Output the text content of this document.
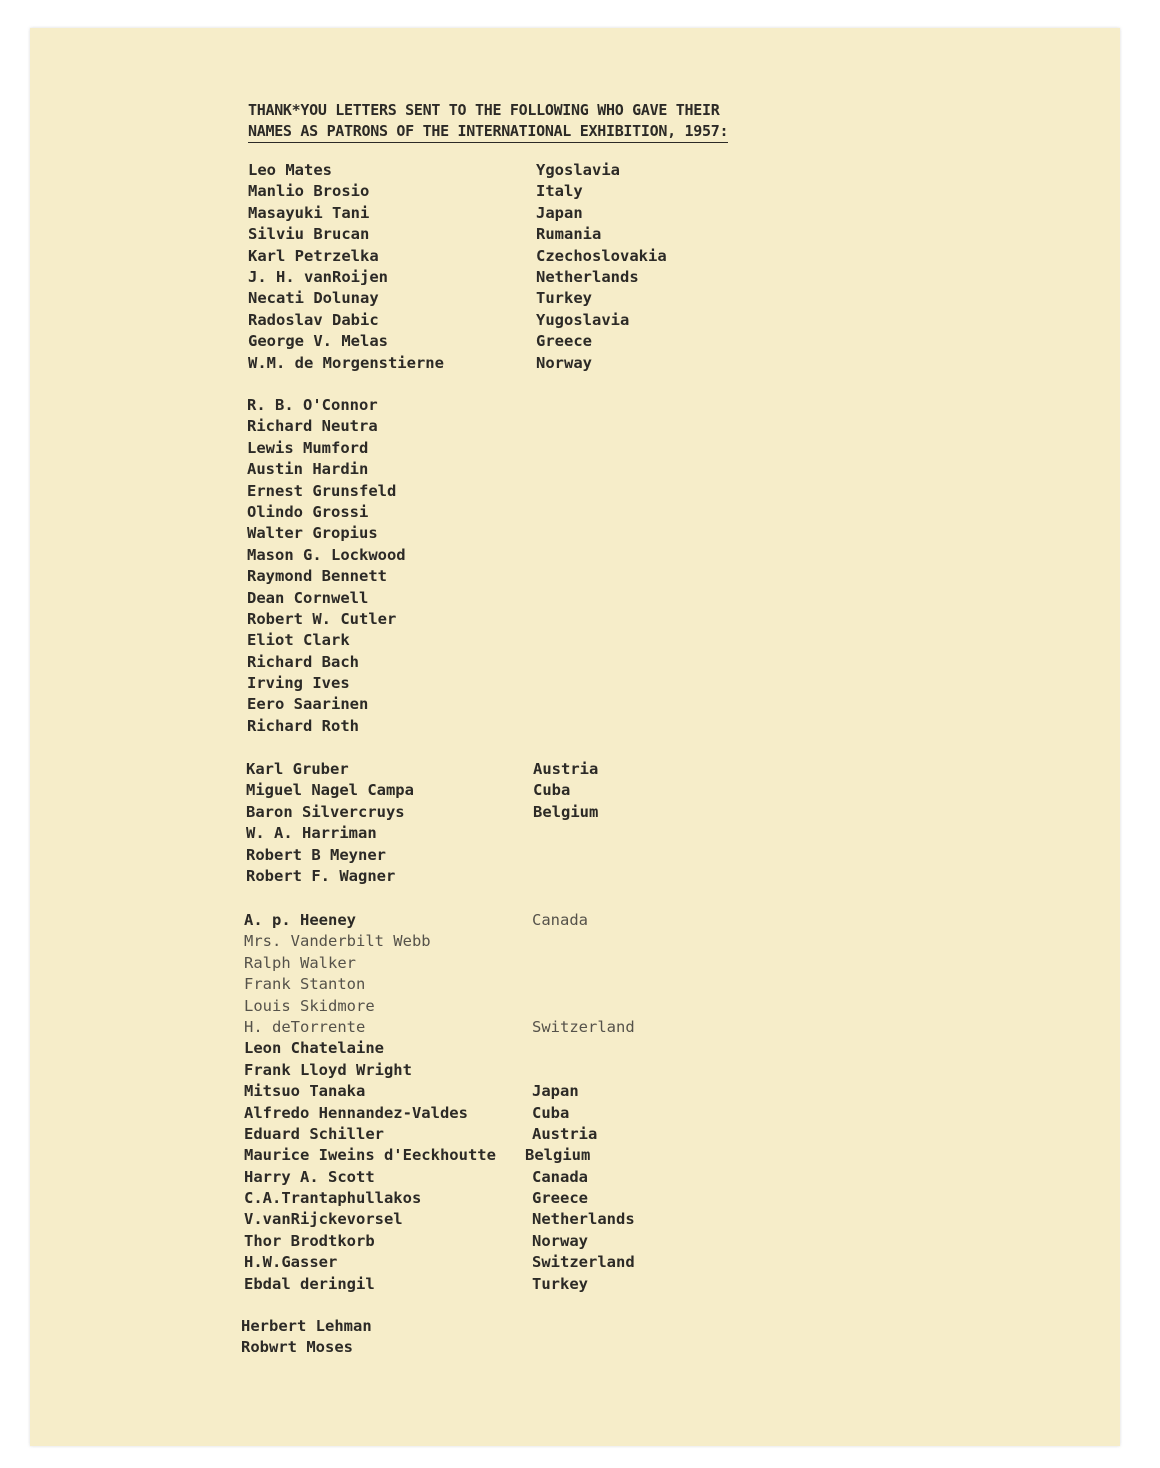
THANK*YOU LETTERS SENT TO THE FOLLOWING WHO GAVE THEIR
NAMES AS PATRONS OF THE INTERNATIONAL EXHIBITION, 1957:
Leo Mates	Ygoslavia
Manlio Brosio	Italy
Masayuki Tani	Japan
Silviu Brucan	Rumania
Karl Petrzelka	Czechoslovakia
J. H. vanRoijen	Netherlands
Necati Dolunay	Turkey
Radoslav Dabic	Yugoslavia
George V. Melas	Greece
W.M. de Morgenstierne	Norway
R. B. O'Connor
Richard Neutra
Lewis Mumford
Austin Hardin
Ernest Grunsfeld
Olindo Grossi
Walter Gropius
Mason G. Lockwood
Raymond Bennett
Dean Cornwell
Robert W. Cutler
Eliot Clark
Richard Bach
Irving Ives
Eero Saarinen
Richard Roth
Karl Gruber	Austria
Miguel Nagel Campa	Cuba
Baron Silvercruys	Belgium
W. A. Harriman
Robert B Meyner
Robert F. Wagner
A. p. Heeney	Canada
Mrs. Vanderbilt Webb
Ralph Walker
Frank Stanton
Louis Skidmore
H. deTorrente	Switzerland
Leon Chatelaine
Frank Lloyd Wright
Mitsuo Tanaka	Japan
Alfredo Hennandez-Valdes	Cuba
Eduard Schiller	Austria
Maurice Iweins d'Eeckhoutte Belgium
Harry A. Scott	Canada
C.A.Trantaphullakos	Greece
V.vanRijckevorsel	Netherlands
Thor Brodtkorb	Norway
H.W.Gasser	Switzerland
Ebdal deringil	Turkey
Herbert Lehman
Robwrt Moses
